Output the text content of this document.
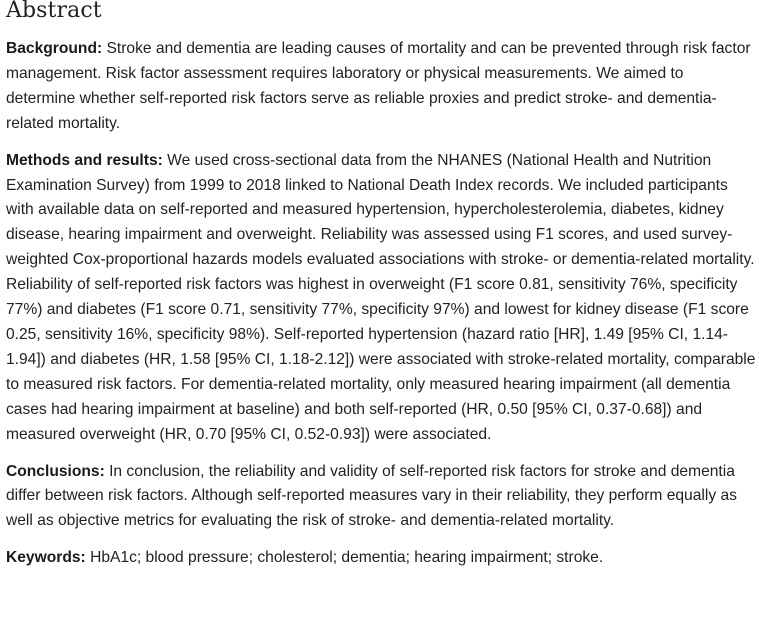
Abstract

Background: Stroke and dementia are leading causes of mortality and can be prevented through risk factor management. Risk factor assessment requires laboratory or physical measurements. We aimed to determine whether self-reported risk factors serve as reliable proxies and predict stroke- and dementia-related mortality.

Methods and results: We used cross-sectional data from the NHANES (National Health and Nutrition Examination Survey) from 1999 to 2018 linked to National Death Index records. We included participants with available data on self-reported and measured hypertension, hypercholesterolemia, diabetes, kidney disease, hearing impairment and overweight. Reliability was assessed using F1 scores, and used survey-weighted Cox-proportional hazards models evaluated associations with stroke- or dementia-related mortality. Reliability of self-reported risk factors was highest in overweight (F1 score 0.81, sensitivity 76%, specificity 77%) and diabetes (F1 score 0.71, sensitivity 77%, specificity 97%) and lowest for kidney disease (F1 score 0.25, sensitivity 16%, specificity 98%). Self-reported hypertension (hazard ratio [HR], 1.49 [95% CI, 1.14-1.94]) and diabetes (HR, 1.58 [95% CI, 1.18-2.12]) were associated with stroke-related mortality, comparable to measured risk factors. For dementia-related mortality, only measured hearing impairment (all dementia cases had hearing impairment at baseline) and both self-reported (HR, 0.50 [95% CI, 0.37-0.68]) and measured overweight (HR, 0.70 [95% CI, 0.52-0.93]) were associated.

Conclusions: In conclusion, the reliability and validity of self-reported risk factors for stroke and dementia differ between risk factors. Although self-reported measures vary in their reliability, they perform equally as well as objective metrics for evaluating the risk of stroke- and dementia-related mortality.

Keywords: HbA1c; blood pressure; cholesterol; dementia; hearing impairment; stroke.
